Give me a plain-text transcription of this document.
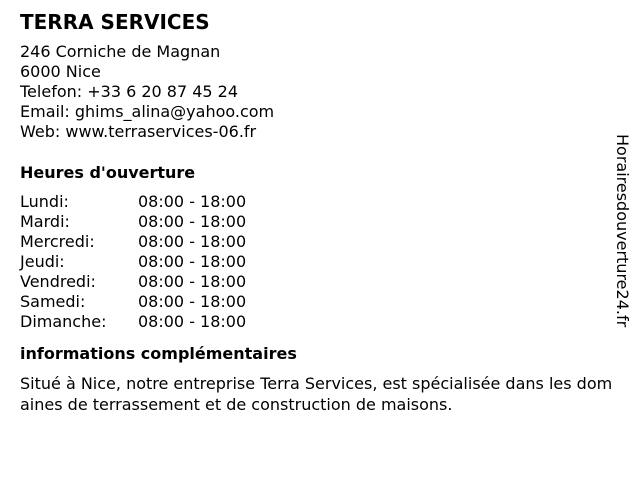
TERRA SERVICES
246 Corniche de Magnan
6000 Nice
Telefon: +33 6 20 87 45 24
Email: ghims_alina@yahoo.com
Web: www.terraservices-06.fr
Heures d'ouverture
Lundi:	08:00 - 18:00
Mardi:	08:00 - 18:00
Mercredi:	08:00 - 18:00
Jeudi:	08:00 - 18:00
Vendredi:	08:00 - 18:00
Samedi:	08:00 - 18:00
Dimanche:	08:00 - 18:00
informations complémentaires
Situé à Nice, notre entreprise Terra Services, est spécialisée dans les domaines de terrassement et de construction de maisons.
Horairesdouverture24.fr
